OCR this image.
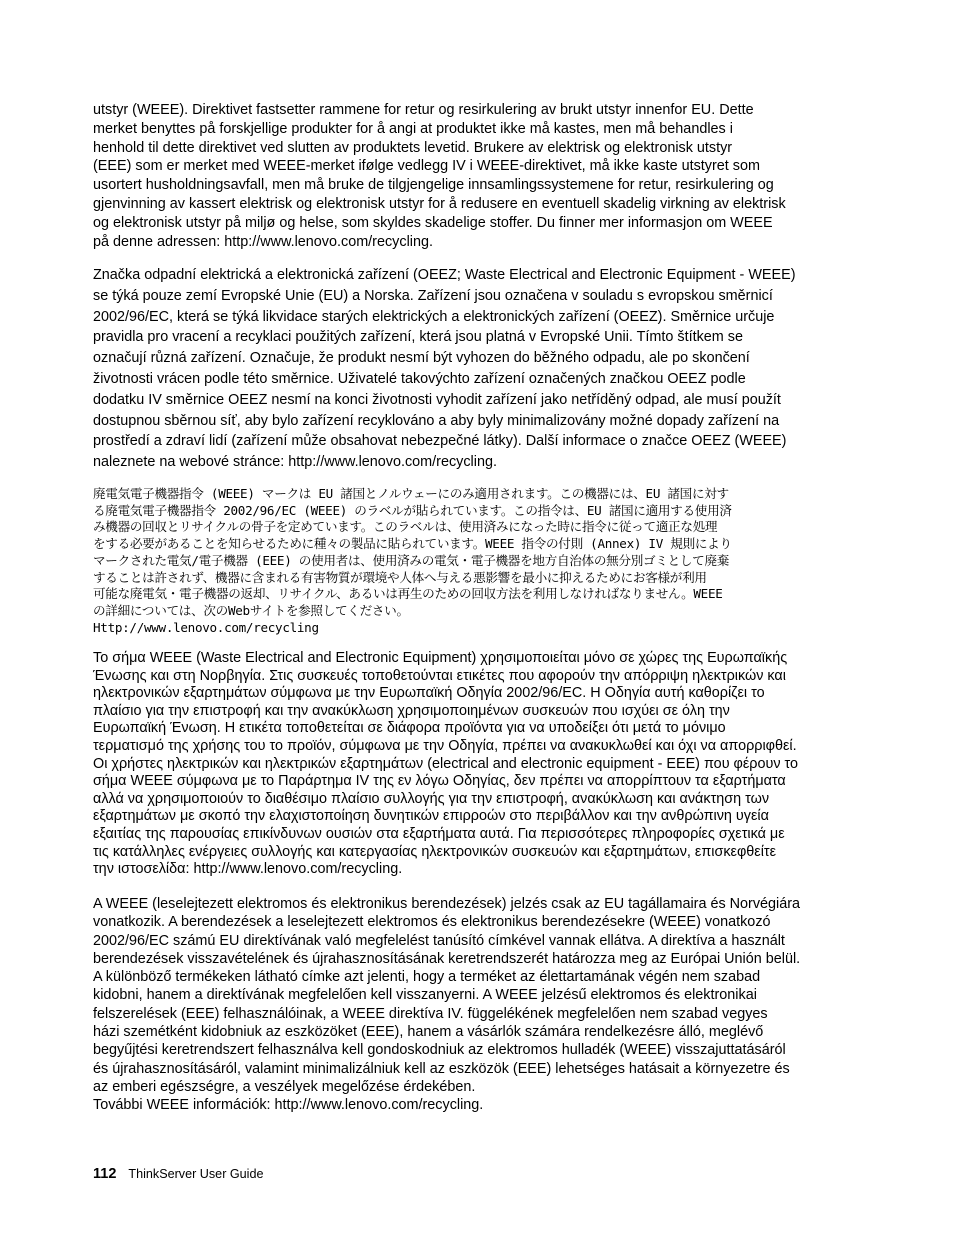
utstyr (WEEE). Direktivet fastsetter rammene for retur og resirkulering av brukt utstyr innenfor EU. Dette
merket benyttes på forskjellige produkter for å angi at produktet ikke må kastes, men må behandles i
henhold til dette direktivet ved slutten av produktets levetid. Brukere av elektrisk og elektronisk utstyr
(EEE) som er merket med WEEE-merket ifølge vedlegg IV i WEEE-direktivet, må ikke kaste utstyret som
usortert husholdningsavfall, men må bruke de tilgjengelige innsamlingssystemene for retur, resirkulering og
gjenvinning av kassert elektrisk og elektronisk utstyr for å redusere en eventuell skadelig virkning av elektrisk
og elektronisk utstyr på miljø og helse, som skyldes skadelige stoffer. Du finner mer informasjon om WEEE
på denne adressen: http://www.lenovo.com/recycling.

Značka odpadní elektrická a elektronická zařízení (OEEZ; Waste Electrical and Electronic Equipment - WEEE)
se týká pouze zemí Evropské Unie (EU) a Norska. Zařízení jsou označena v souladu s evropskou směrnicí
2002/96/EC, která se týká likvidace starých elektrických a elektronických zařízení (OEEZ). Směrnice určuje
pravidla pro vracení a recyklaci použitých zařízení, která jsou platná v Evropské Unii. Tímto štítkem se
označují různá zařízení. Označuje, že produkt nesmí být vyhozen do běžného odpadu, ale po skončení
životnosti vrácen podle této směrnice. Uživatelé takovýchto zařízení označených značkou OEEZ podle
dodatku IV směrnice OEEZ nesmí na konci životnosti vyhodit zařízení jako netříděný odpad, ale musí použít
dostupnou sběrnou síť, aby bylo zařízení recyklováno a aby byly minimalizovány možné dopady zařízení na
prostředí a zdraví lidí (zařízení může obsahovat nebezpečné látky). Další informace o značce OEEZ (WEEE)
naleznete na webové stránce: http://www.lenovo.com/recycling.

廃電気電子機器指令 (WEEE) マークは EU 諸国とノルウェーにのみ適用されます。この機器には、EU 諸国に対す
る廃電気電子機器指令 2002/96/EC (WEEE) のラベルが貼られています。この指令は、EU 諸国に適用する使用済
み機器の回収とリサイクルの骨子を定めています。このラベルは、使用済みになった時に指令に従って適正な処理
をする必要があることを知らせるために種々の製品に貼られています。WEEE 指令の付則 (Annex) IV 規則により
マークされた電気/電子機器 (EEE) の使用者は、使用済みの電気・電子機器を地方自治体の無分別ゴミとして廃棄
することは許されず、機器に含まれる有害物質が環境や人体へ与える悪影響を最小に抑えるためにお客様が利用
可能な廃電気・電子機器の返却、リサイクル、あるいは再生のための回収方法を利用しなければなりません。WEEE
の詳細については、次のWebサイトを参照してください。
Http://www.lenovo.com/recycling

Το σήμα WEEE (Waste Electrical and Electronic Equipment) χρησιμοποιείται μόνο σε χώρες της Ευρωπαϊκής
Ένωσης και στη Νορβηγία. Στις συσκευές τοποθετούνται ετικέτες που αφορούν την απόρριψη ηλεκτρικών και
ηλεκτρονικών εξαρτημάτων σύμφωνα με την Ευρωπαϊκή Οδηγία 2002/96/EC. Η Οδηγία αυτή καθορίζει το
πλαίσιο για την επιστροφή και την ανακύκλωση χρησιμοποιημένων συσκευών που ισχύει σε όλη την
Ευρωπαϊκή Ένωση. Η ετικέτα τοποθετείται σε διάφορα προϊόντα για να υποδείξει ότι μετά το μόνιμο
τερματισμό της χρήσης του το προϊόν, σύμφωνα με την Οδηγία, πρέπει να ανακυκλωθεί και όχι να απορριφθεί.
Οι χρήστες ηλεκτρικών και ηλεκτρικών εξαρτημάτων (electrical and electronic equipment - EEE) που φέρουν το
σήμα WEEE σύμφωνα με το Παράρτημα IV της εν λόγω Οδηγίας, δεν πρέπει να απορρίπτουν τα εξαρτήματα
αλλά να χρησιμοποιούν το διαθέσιμο πλαίσιο συλλογής για την επιστροφή, ανακύκλωση και ανάκτηση των
εξαρτημάτων με σκοπό την ελαχιστοποίηση δυνητικών επιρροών στο περιβάλλον και την ανθρώπινη υγεία
εξαιτίας της παρουσίας επικίνδυνων ουσιών στα εξαρτήματα αυτά. Για περισσότερες πληροφορίες σχετικά με
τις κατάλληλες ενέργειες συλλογής και κατεργασίας ηλεκτρονικών συσκευών και εξαρτημάτων, επισκεφθείτε
την ιστοσελίδα: http://www.lenovo.com/recycling.

A WEEE (leselejtezett elektromos és elektronikus berendezések) jelzés csak az EU tagállamaira és Norvégiára
vonatkozik. A berendezések a leselejtezett elektromos és elektronikus berendezésekre (WEEE) vonatkozó
2002/96/EC számú EU direktívának való megfelelést tanúsító címkével vannak ellátva. A direktíva a használt
berendezések visszavételének és újrahasznosításának keretrendszerét határozza meg az Európai Unión belül.
A különböző termékeken látható címke azt jelenti, hogy a terméket az élettartamának végén nem szabad
kidobni, hanem a direktívának megfelelően kell visszanyerni. A WEEE jelzésű elektromos és elektronikai
felszerelések (EEE) felhasználóinak, a WEEE direktíva IV. függelékének megfelelően nem szabad vegyes
házi szemétként kidobniuk az eszközöket (EEE), hanem a vásárlók számára rendelkezésre álló, meglévő
begyűjtési keretrendszert felhasználva kell gondoskodniuk az elektromos hulladék (WEEE) visszajuttatásáról
és újrahasznosításáról, valamint minimalizálniuk kell az eszközök (EEE) lehetséges hatásait a környezetre és
az emberi egészségre, a veszélyek megelőzése érdekében.
További WEEE információk: http://www.lenovo.com/recycling.

112 ThinkServer User Guide
